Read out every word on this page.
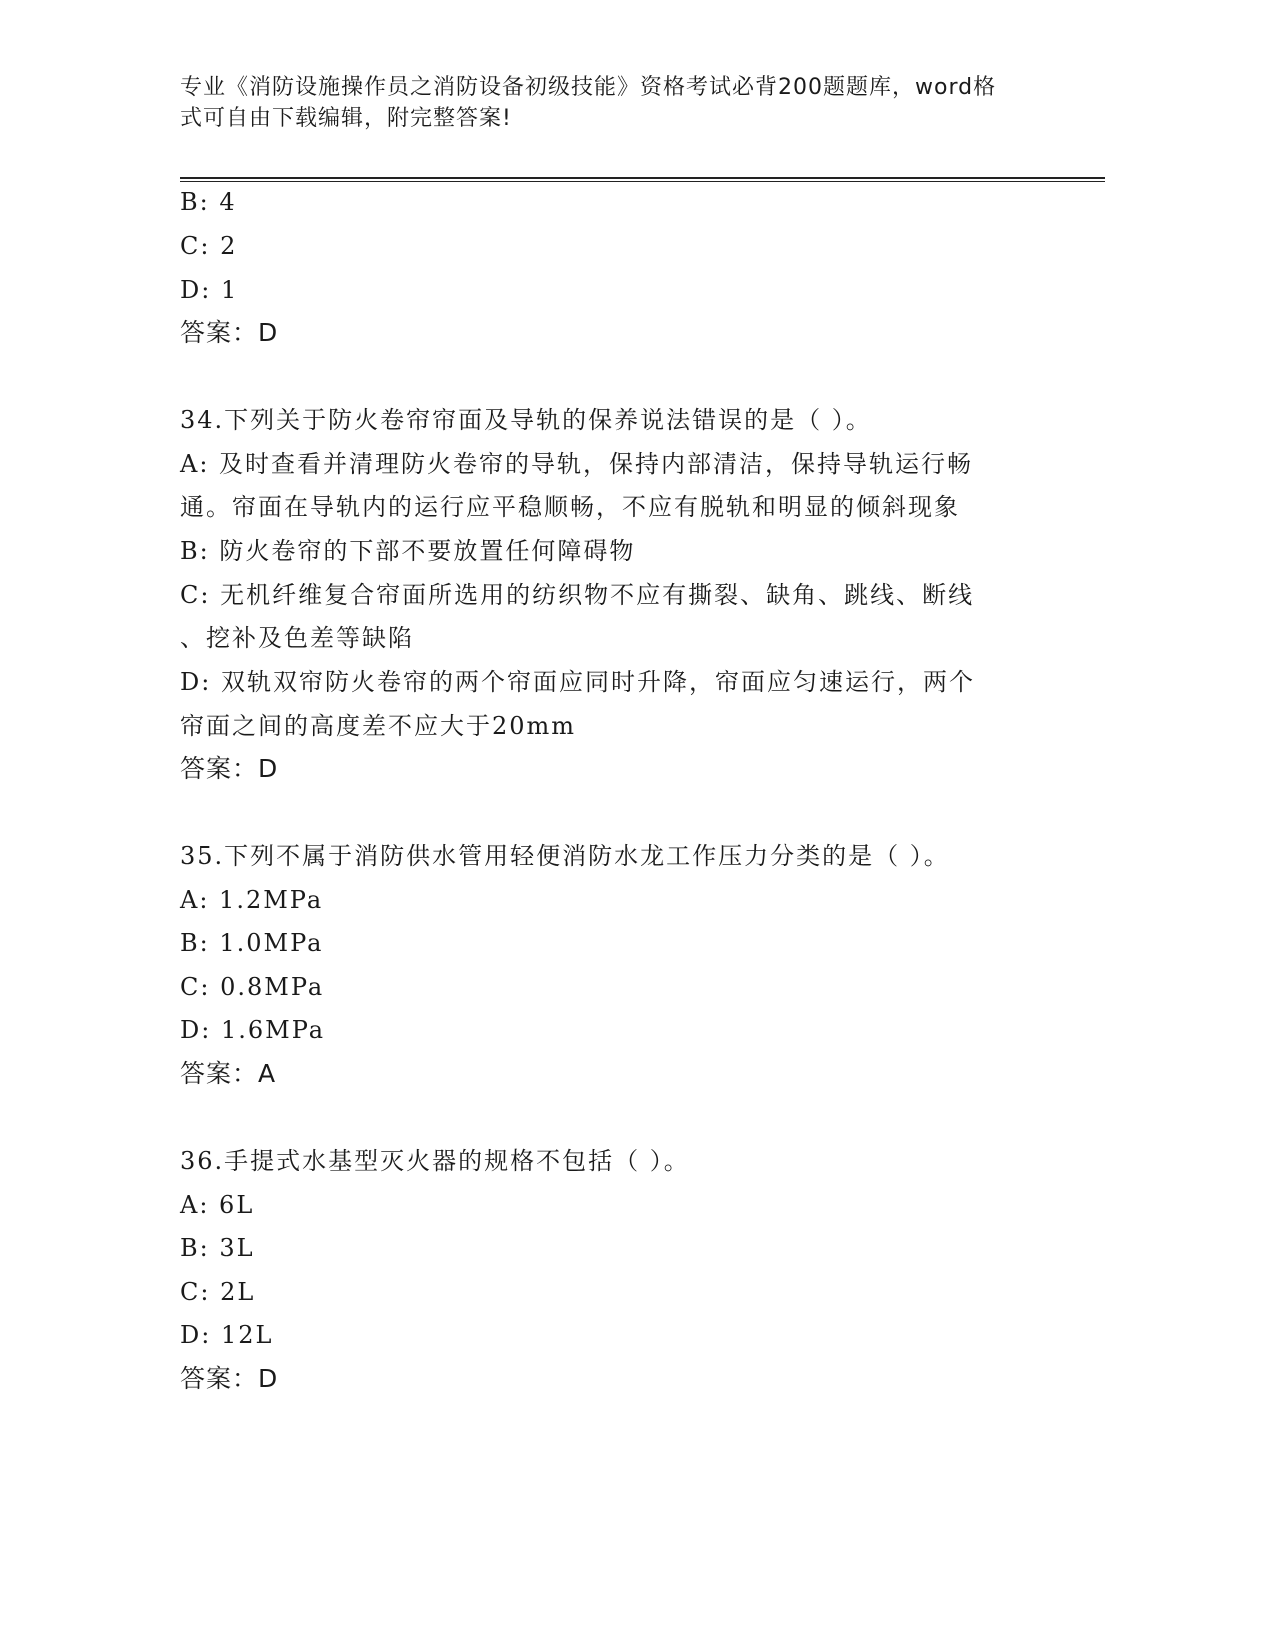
专业《消防设施操作员之消防设备初级技能》资格考试必背200题题库，word格
式可自由下载编辑，附完整答案!
B: 4
C: 2
D: 1
答案：D
34.下列关于防火卷帘帘面及导轨的保养说法错误的是（ ）。
A: 及时查看并清理防火卷帘的导轨，保持内部清洁，保持导轨运行畅
通。帘面在导轨内的运行应平稳顺畅，不应有脱轨和明显的倾斜现象
B: 防火卷帘的下部不要放置任何障碍物
C: 无机纤维复合帘面所选用的纺织物不应有撕裂、缺角、跳线、断线
、挖补及色差等缺陷
D: 双轨双帘防火卷帘的两个帘面应同时升降，帘面应匀速运行，两个
帘面之间的高度差不应大于20mm
答案：D
35.下列不属于消防供水管用轻便消防水龙工作压力分类的是（ ）。
A: 1.2MPa
B: 1.0MPa
C: 0.8MPa
D: 1.6MPa
答案：A
36.手提式水基型灭火器的规格不包括（ ）。
A: 6L
B: 3L
C: 2L
D: 12L
答案：D
